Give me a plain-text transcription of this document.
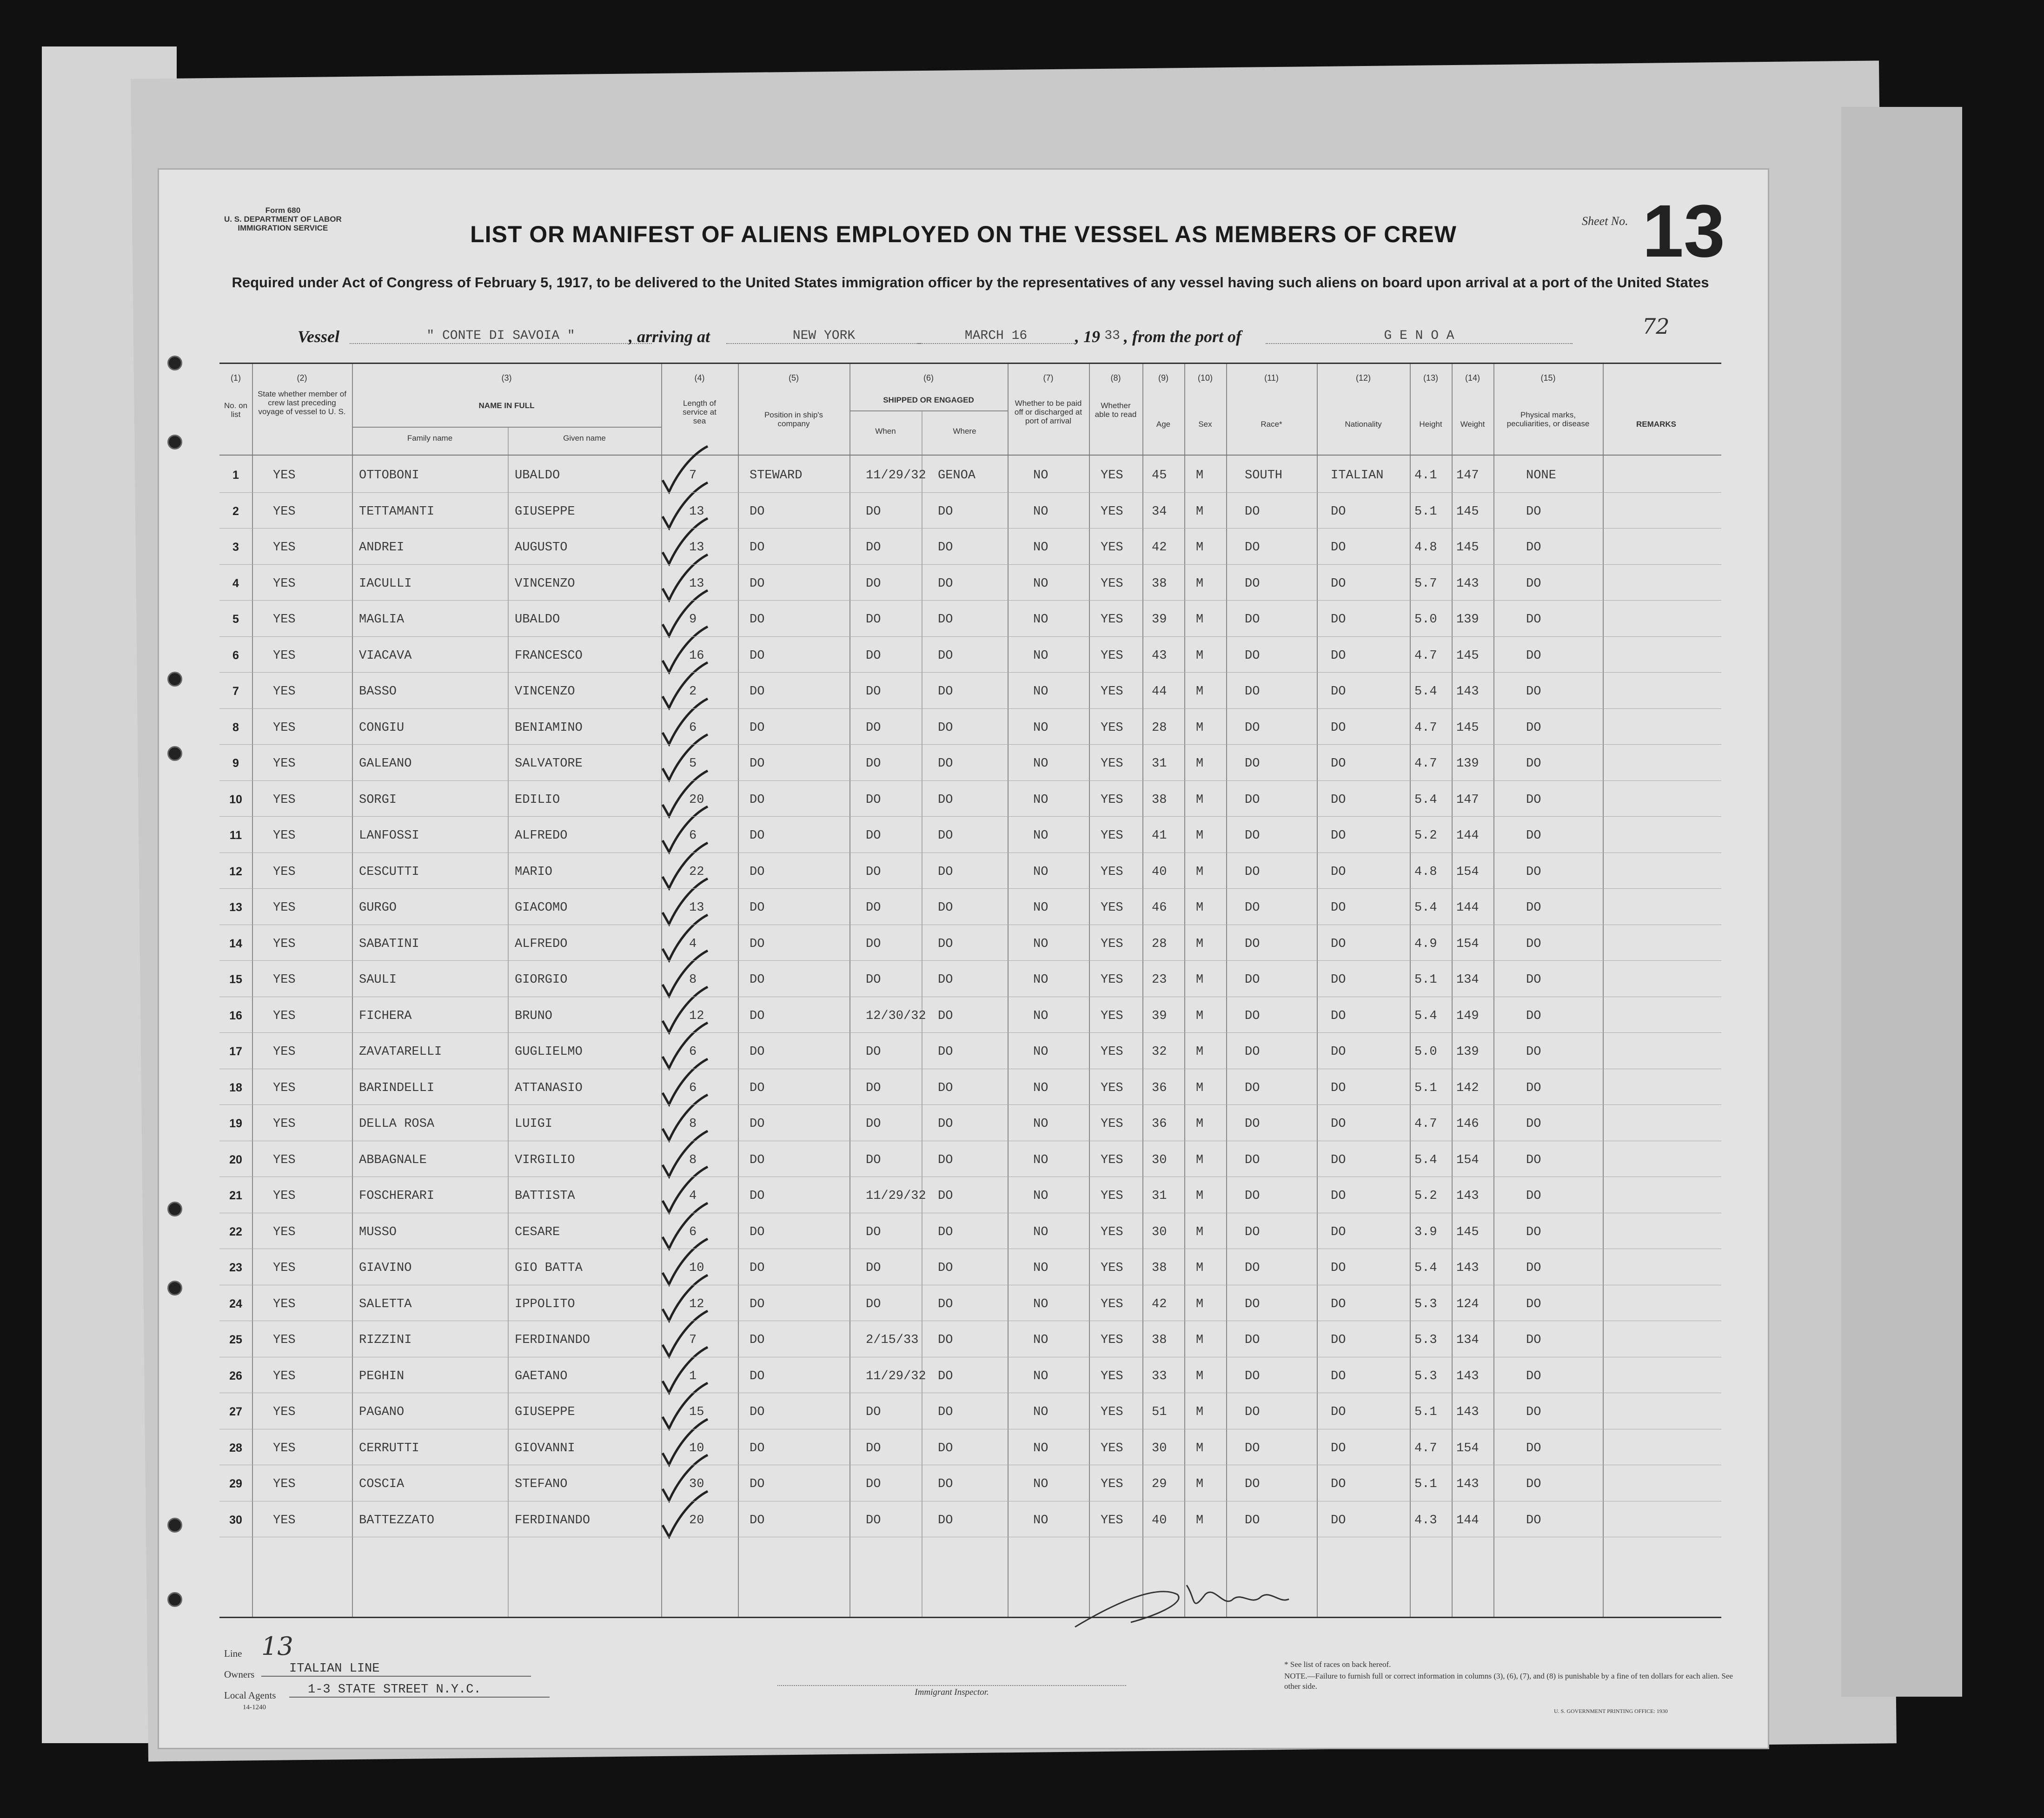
Form 680
U. S. DEPARTMENT OF LABOR
IMMIGRATION SERVICE	LIST OR MANIFEST OF ALIENS EMPLOYED ON THE VESSEL AS MEMBERS OF CREW
Required under Act of Congress of February 5, 1917, to be delivered to the United States immigration officer by the representatives of any vessel having such aliens on board upon arrival at a port of the United States
Sheet No. 13
Vessel	" CONTE DI SAVOIA "	, arriving at	NEW YORK	MARCH 16	, 19 33 , from the port of	G E N O A	72
(1)
No. on list
(2)
State whether member of crew last preceding voyage of vessel to U. S.
(3)
NAME IN FULL
Family name	Given name
(4)
Length of service at sea
(5)
Position in ship's company
(6)
SHIPPED OR ENGAGED
When	Where
(7)
Whether to be paid off or discharged at port of arrival
(8)
Whether able to read
(9)
Age
(10)
Sex
(11)
Race*
(12)
Nationality
(13)
Height
(14)
Weight
(15)
Physical marks, peculiarities, or disease	REMARKS
1	YES	OTTOBONI	UBALDO	7	STEWARD	11/29/32 GENOA	NO	YES 45 M	SOUTH	ITALIAN 4.1 147	NONE
2	YES	TETTAMANTI	GIUSEPPE	13	DO	DO	DO	NO	YES 34 M	DO	DO	5.1 145	DO
3	YES	ANDREI	AUGUSTO	13	DO	DO	DO	NO	YES 42 M	DO	DO	4.8 145	DO
4	YES	IACULLI	VINCENZO	13	DO	DO	DO	NO	YES 38 M	DO	DO	5.7 143	DO
5	YES	MAGLIA	UBALDO	9	DO	DO	DO	NO	YES 39 M	DO	DO	5.0 139	DO
6	YES	VIACAVA	FRANCESCO	16	DO	DO	DO	NO	YES 43 M	DO	DO	4.7 145	DO
7	YES	BASSO	VINCENZO	2	DO	DO	DO	NO	YES 44 M	DO	DO	5.4 143	DO
8	YES	CONGIU	BENIAMINO	6	DO	DO	DO	NO	YES 28 M	DO	DO	4.7 145	DO
9	YES	GALEANO	SALVATORE	5	DO	DO	DO	NO	YES 31 M	DO	DO	4.7 139	DO
10	YES	SORGI	EDILIO	20	DO	DO	DO	NO	YES 38 M	DO	DO	5.4 147	DO
11	YES	LANFOSSI	ALFREDO	6	DO	DO	DO	NO	YES 41 M	DO	DO	5.2 144	DO
12	YES	CESCUTTI	MARIO	22	DO	DO	DO	NO	YES 40 M	DO	DO	4.8 154	DO
13	YES	GURGO	GIACOMO	13	DO	DO	DO	NO	YES 46 M	DO	DO	5.4 144	DO
14	YES	SABATINI	ALFREDO	4	DO	DO	DO	NO	YES 28 M	DO	DO	4.9 154	DO
15	YES	SAULI	GIORGIO	8	DO	DO	DO	NO	YES 23 M	DO	DO	5.1 134	DO
16	YES	FICHERA	BRUNO	12	DO	12/30/32 DO	NO	YES 39 M	DO	DO	5.4 149	DO
17	YES	ZAVATARELLI	GUGLIELMO	6	DO	DO	DO	NO	YES 32 M	DO	DO	5.0 139	DO
18	YES	BARINDELLI	ATTANASIO	6	DO	DO	DO	NO	YES 36 M	DO	DO	5.1 142	DO
19	YES	DELLA ROSA	LUIGI	8	DO	DO	DO	NO	YES 36 M	DO	DO	4.7 146	DO
20	YES	ABBAGNALE	VIRGILIO	8	DO	DO	DO	NO	YES 30 M	DO	DO	5.4 154	DO
21	YES	FOSCHERARI	BATTISTA	4	DO	11/29/32 DO	NO	YES 31 M	DO	DO	5.2 143	DO
22	YES	MUSSO	CESARE	6	DO	DO	DO	NO	YES 30 M	DO	DO	3.9 145	DO
23	YES	GIAVINO	GIO BATTA	10	DO	DO	DO	NO	YES 38 M	DO	DO	5.4 143	DO
24	YES	SALETTA	IPPOLITO	12	DO	DO	DO	NO	YES 42 M	DO	DO	5.3 124	DO
25	YES	RIZZINI	FERDINANDO	7	DO	2/15/33 DO	NO	YES 38 M	DO	DO	5.3 134	DO
26	YES	PEGHIN	GAETANO	1	DO	11/29/32 DO	NO	YES 33 M	DO	DO	5.3 143	DO
27	YES	PAGANO	GIUSEPPE	15	DO	DO	DO	NO	YES 51 M	DO	DO	5.1 143	DO
28	YES	CERRUTTI	GIOVANNI	10	DO	DO	DO	NO	YES 30 M	DO	DO	4.7 154	DO
29	YES	COSCIA	STEFANO	30	DO	DO	DO	NO	YES 29 M	DO	DO	5.1 143	DO
30	YES	BATTEZZATO	FERDINANDO	20	DO	DO	DO	NO	YES 40 M	DO	DO	4.3 144	DO
Line 13
Owners	ITALIAN LINE
Local Agents	1-3 STATE STREET N.Y.C.
14-1240
Immigrant Inspector.
* See list of races on back hereof.
NOTE.—Failure to furnish full or correct information in columns (3), (6), (7), and (8) is punishable by a fine of ten dollars for each alien. See other side.
U. S. GOVERNMENT PRINTING OFFICE: 1930
